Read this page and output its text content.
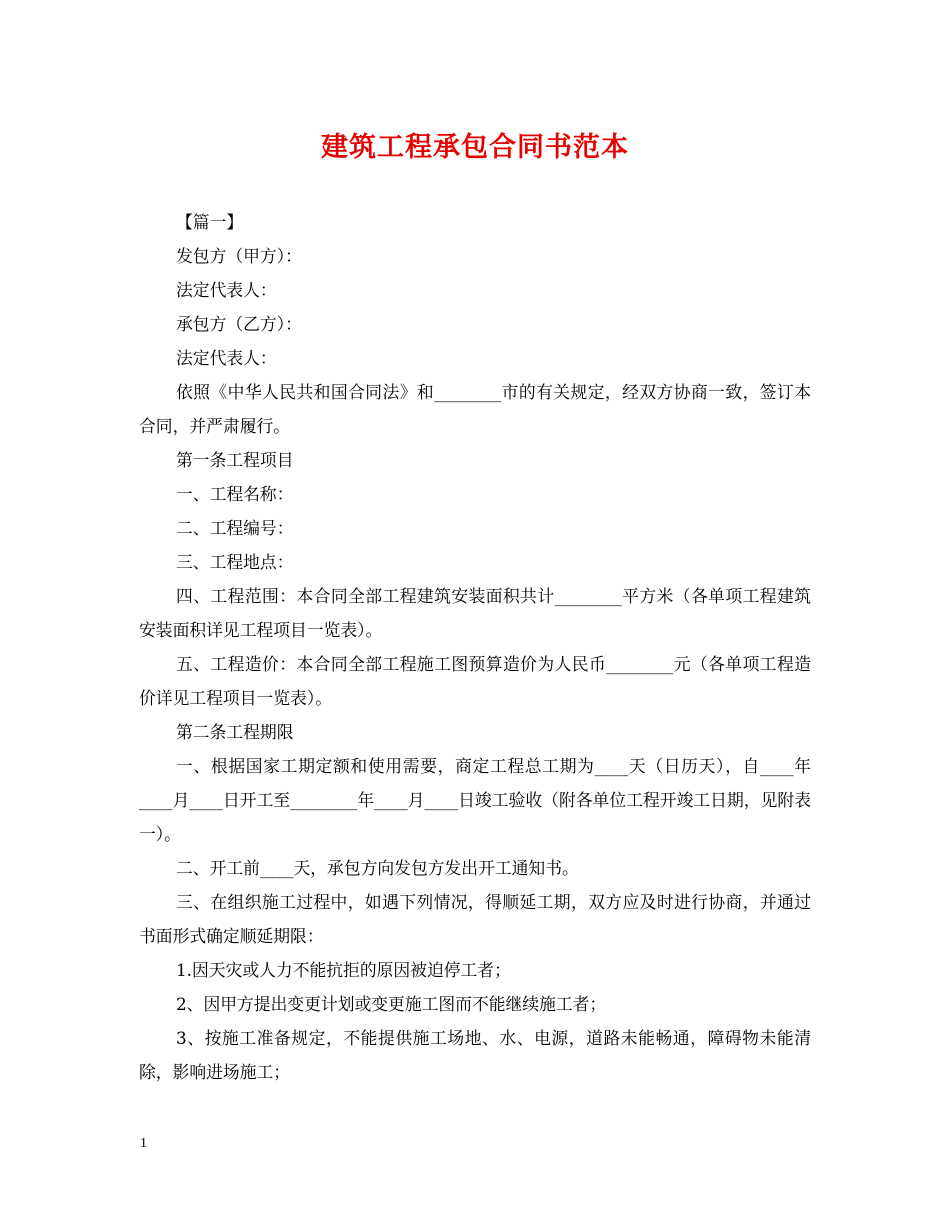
建筑工程承包合同书范本

【篇一】

发包方（甲方）：

法定代表人：

承包方（乙方）：

法定代表人：

依照《中华人民共和国合同法》和________市的有关规定，经双方协商一致，签订本合同，并严肃履行。

第一条工程项目

一、工程名称：

二、工程编号：

三、工程地点：

四、工程范围：本合同全部工程建筑安装面积共计________平方米（各单项工程建筑安装面积详见工程项目一览表）。

五、工程造价：本合同全部工程施工图预算造价为人民币________元（各单项工程造价详见工程项目一览表）。

第二条工程期限

一、根据国家工期定额和使用需要，商定工程总工期为____天（日历天），自____年____月____日开工至________年____月____日竣工验收（附各单位工程开竣工日期，见附表一）。

二、开工前____天，承包方向发包方发出开工通知书。

三、在组织施工过程中，如遇下列情况，得顺延工期，双方应及时进行协商，并通过书面形式确定顺延期限：

1.因天灾或人力不能抗拒的原因被迫停工者；

2、因甲方提出变更计划或变更施工图而不能继续施工者；

3、按施工准备规定，不能提供施工场地、水、电源，道路未能畅通，障碍物未能清除，影响进场施工；

1
